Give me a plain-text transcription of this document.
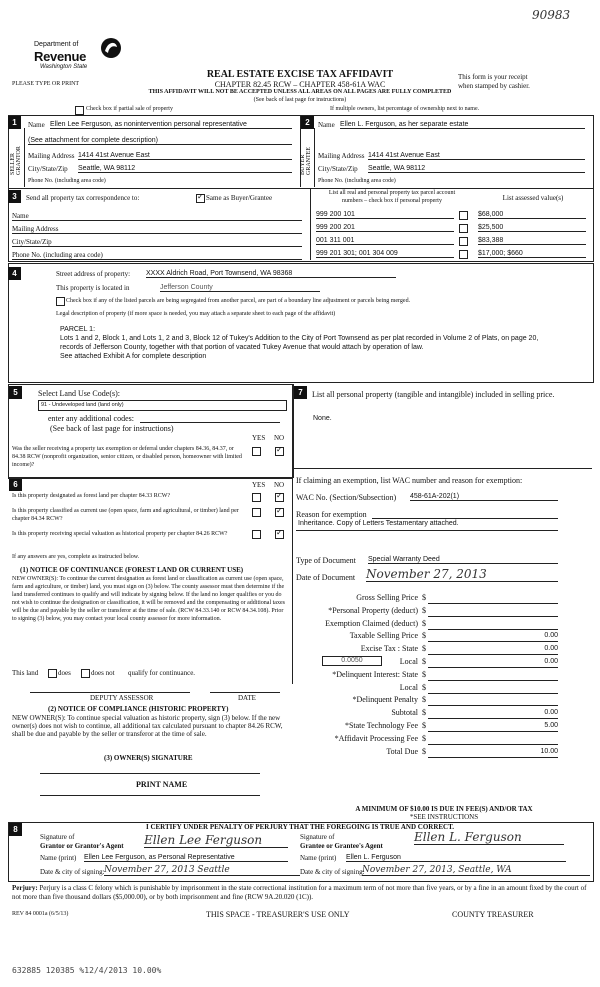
90983
Department of
Revenue
Washington State
PLEASE TYPE OR PRINT
REAL ESTATE EXCISE TAX AFFIDAVIT
CHAPTER 82.45 RCW – CHAPTER 458-61A WAC
THIS AFFIDAVIT WILL NOT BE ACCEPTED UNLESS ALL AREAS ON ALL PAGES ARE FULLY COMPLETED
(See back of last page for instructions)
This form is your receipt
when stamped by cashier.
Check box if partial sale of property	If multiple owners, list percentage of ownership next to name.
1
SELLER GRANTOR
Name Ellen Lee Ferguson, as nonintervention personal representative
(See attachment for complete description)
Mailing Address 1414 41st Avenue East
City/State/Zip Seattle, WA 98112
Phone No. (including area code)
2
BUYER GRANTEE
Name Ellen L. Ferguson, as her separate estate
Mailing Address 1414 41st Avenue East
City/State/Zip Seattle, WA 98112
Phone No. (including area code)
3	Send all property tax correspondence to:
✓	Same as Buyer/Grantee
Name
Mailing Address
City/State/Zip
Phone No. (including area code)
List all real and personal property tax parcel account
numbers – check box if personal property	List assessed value(s)
999 200 101	$68,000
999 200 201	$25,500
001 311 001	$83,388
999 201 301; 001 304 009	$17,000; $660
4	Street address of property: XXXX Aldrich Road, Port Townsend, WA 98368
This property is located in	Jefferson County
Check box if any of the listed parcels are being segregated from another parcel, are part of a boundary line adjustment or parcels being merged.
Legal description of property (if more space is needed, you may attach a separate sheet to each page of the affidavit)
PARCEL 1:
Lots 1 and 2, Block 1, and Lots 1, 2 and 3, Block 12 of Tukey's Addition to the City of Port Townsend as per plat recorded in Volume 2 of Plats, on page 20, records of Jefferson County, together with that portion of vacated Tukey Avenue that would attach by operation of law.
See attached Exhibit A for complete description
5	Select Land Use Code(s):
91 - Undeveloped land (land only)
enter any additional codes:
(See back of last page for instructions)
YES NO
Was the seller receiving a property tax exemption or deferral under chapters 84.36, 84.37, or 84.38 RCW (nonprofit organization, senior citizen, or disabled person, homeowner with limited income)?
✓
6	YES NO
Is this property designated as forest land per chapter 84.33 RCW?
✓
Is this property classified as current use (open space, farm and agricultural, or timber) land per chapter 84.34 RCW?
✓
Is this property receiving special valuation as historical property per chapter 84.26 RCW?
✓
If any answers are yes, complete as instructed below.
(1) NOTICE OF CONTINUANCE (FOREST LAND OR CURRENT USE)
NEW OWNER(S): To continue the current designation as forest land or classification as current use (open space, farm and agriculture, or timber) land, you must sign on (3) below. The county assessor must then determine if the land transferred continues to qualify and will indicate by signing below. If the land no longer qualifies or you do not wish to continue the designation or classification, it will be removed and the compensating or additional taxes will be due and payable by the seller or transferor at the time of sale. (RCW 84.33.140 or RCW 84.34.108). Prior to signing (3) below, you may contact your local county assessor for more information.
This land	does	does not qualify for continuance.
DEPUTY ASSESSOR	DATE
(2) NOTICE OF COMPLIANCE (HISTORIC PROPERTY)
NEW OWNER(S): To continue special valuation as historic property, sign (3) below. If the new owner(s) does not wish to continue, all additional tax calculated pursuant to chapter 84.26 RCW, shall be due and payable by the seller or transferor at the time of sale.
(3) OWNER(S) SIGNATURE
PRINT NAME
7	List all personal property (tangible and intangible) included in selling price.
None.
If claiming an exemption, list WAC number and reason for exemption:
WAC No. (Section/Subsection) 458-61A-202(1)
Reason for exemption
Inheritance. Copy of Letters Testamentary attached.
Type of Document Special Warranty Deed
Date of Document November 27, 2013
Gross Selling Price $
*Personal Property (deduct) $
Exemption Claimed (deduct) $
Taxable Selling Price $	0.00
Excise Tax : State $	0.00
Local $	0.00
*Delinquent Interest: State $
Local $
*Delinquent Penalty $
Subtotal $	0.00
*State Technology Fee $	5.00
*Affidavit Processing Fee $
Total Due $	10.00
0.0050
A MINIMUM OF $10.00 IS DUE IN FEE(S) AND/OR TAX
*SEE INSTRUCTIONS
8	I CERTIFY UNDER PENALTY OF PERJURY THAT THE FOREGOING IS TRUE AND CORRECT.
Signature of
Grantor or Grantor's Agent Ellen Lee Ferguson
Name (print) Ellen Lee Ferguson, as Personal Representative
Date & city of signing: November 27, 2013 Seattle
Signature of
Grantee or Grantee's Agent
Ellen L. Ferguson
Name (print) Ellen L. Ferguson
Date & city of signing:
November 27, 2013, Seattle, WA
Perjury: Perjury is a class C felony which is punishable by imprisonment in the state correctional institution for a maximum term of not more than five years, or by a fine in an amount fixed by the court of not more than five thousand dollars ($5,000.00), or by both imprisonment and fine (RCW 9A.20.020 (1C)).
REV 84 0001a (6/5/13)	THIS SPACE - TREASURER'S USE ONLY	COUNTY TREASURER
632885 120385 %12/4/2013 10.00%
